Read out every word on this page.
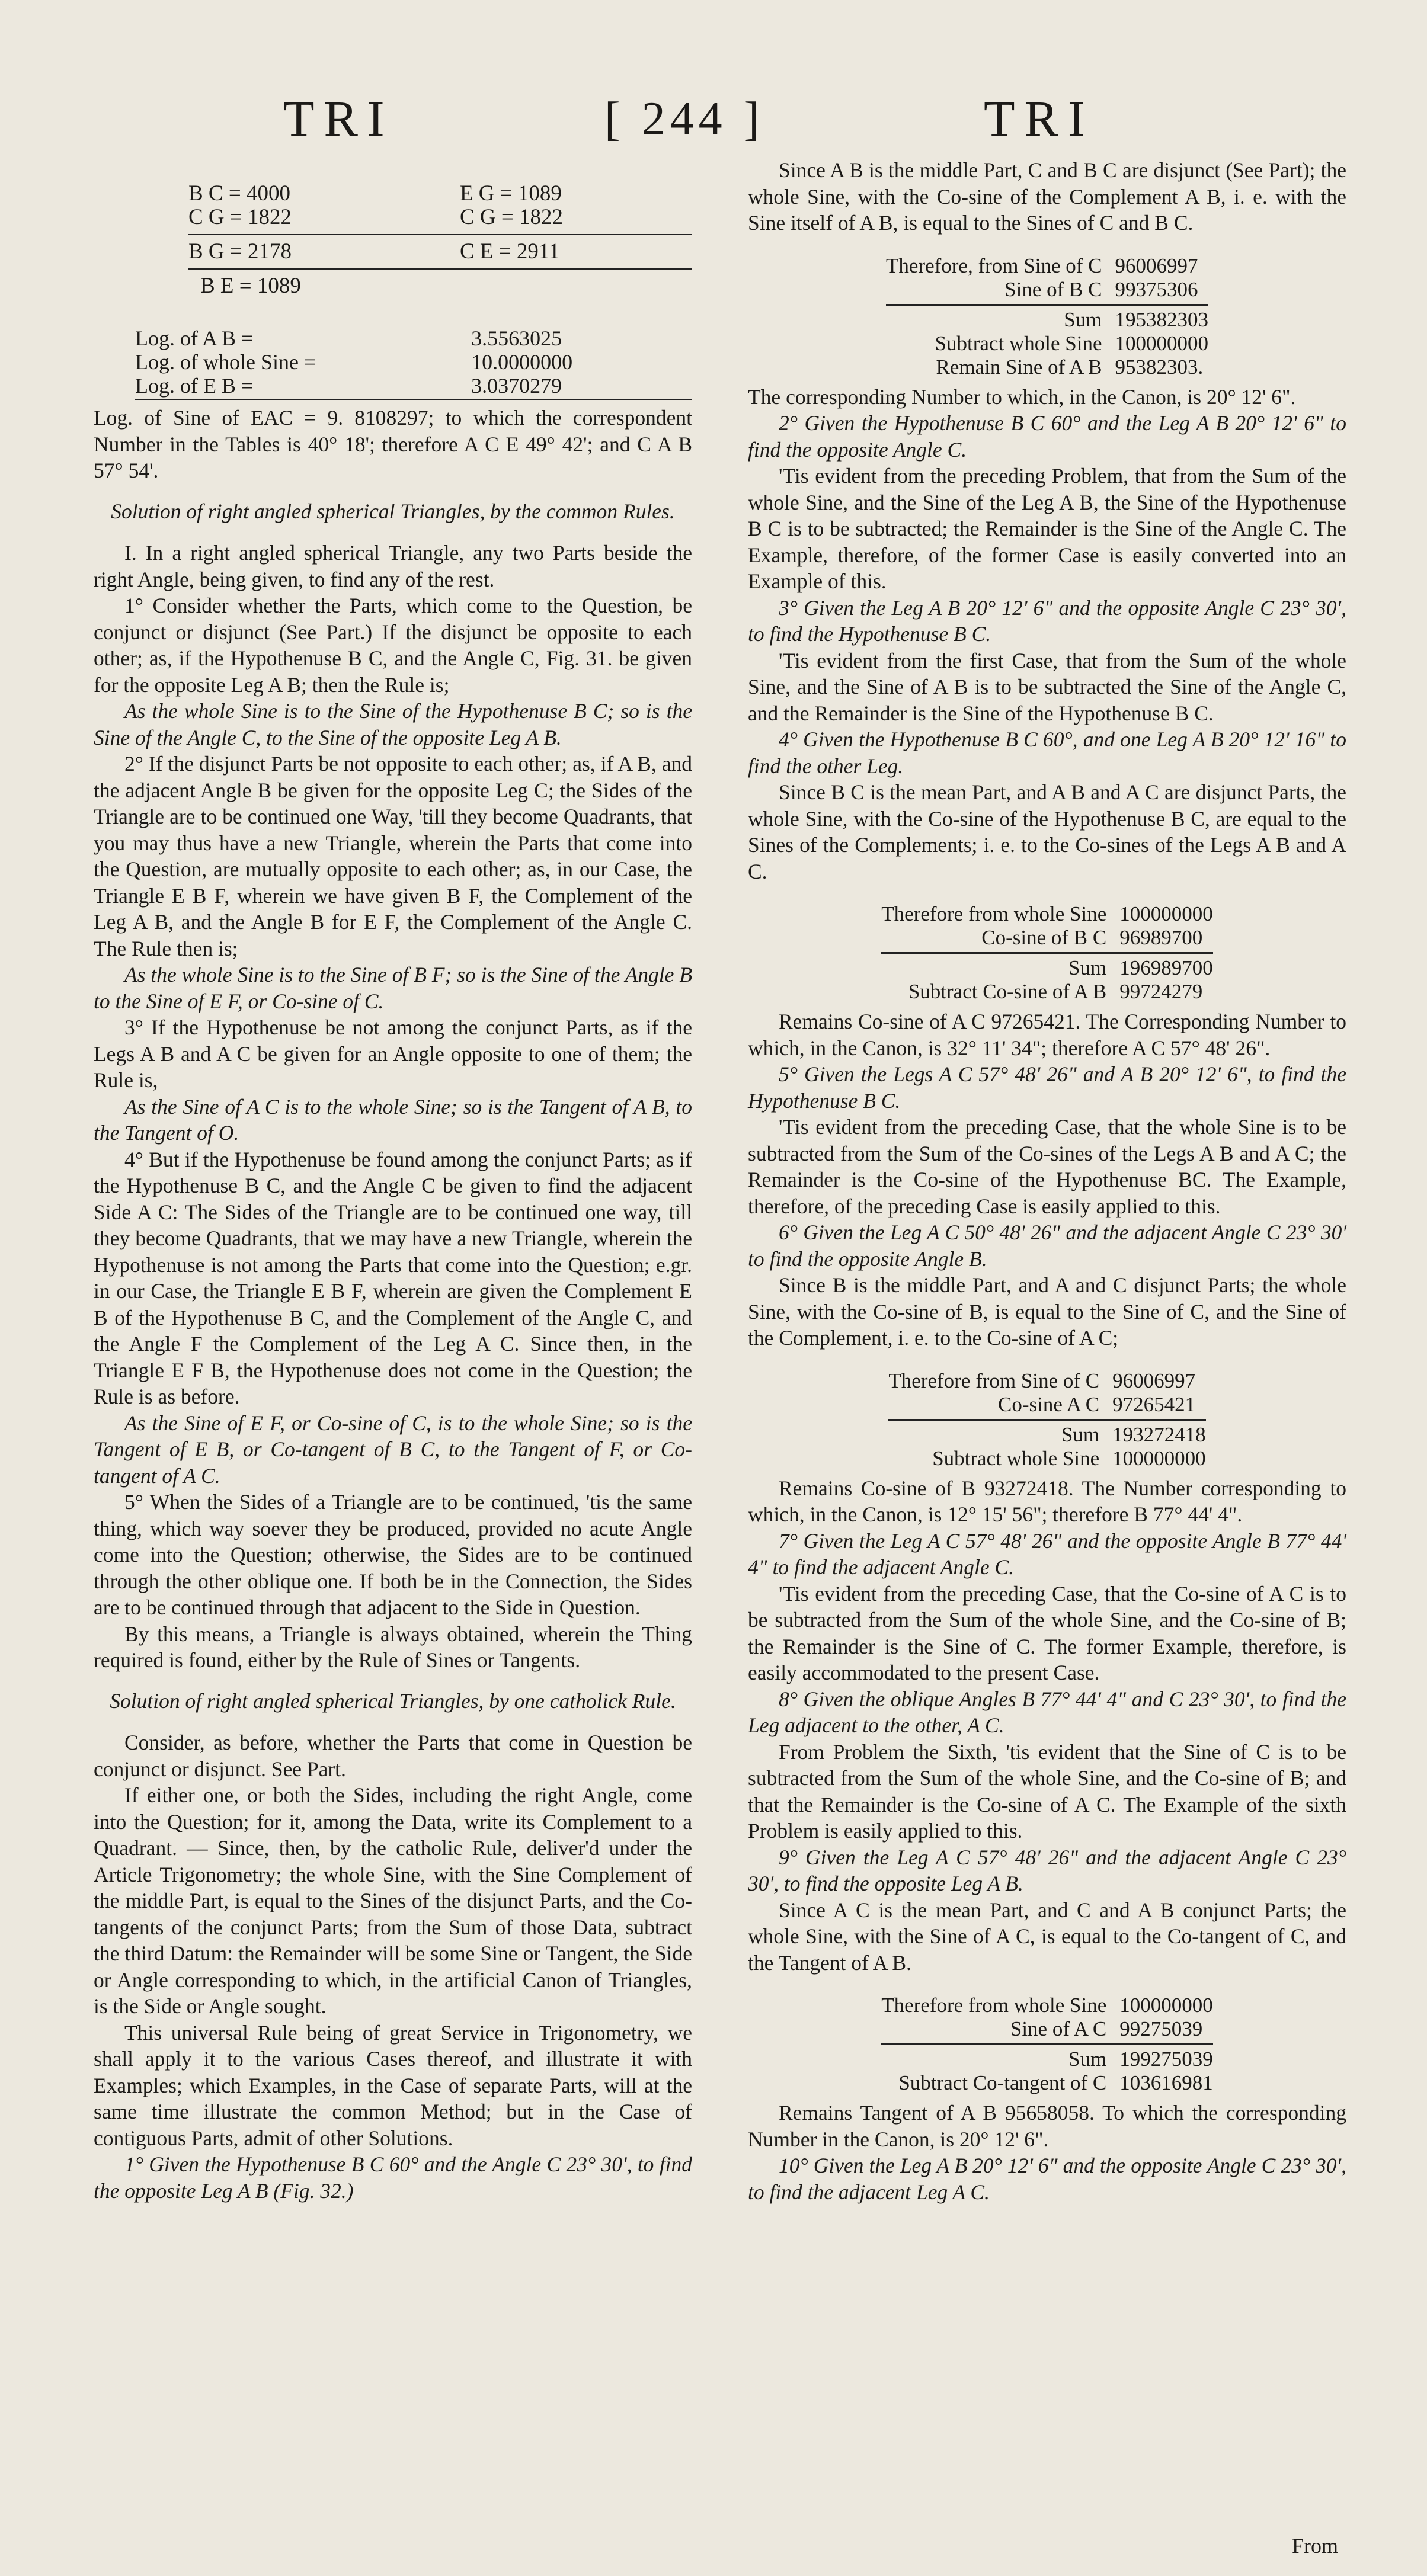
TRI	[ 244 ]	TRI
B C = 4000	E G = 1089
C G = 1822	C G = 1822
B G = 2178	C E = 2911
B E = 1089
Log. of A B =	3.5563025
Log. of whole Sine =	10.0000000
Log. of E B =	3.0370279

Log. of Sine of EAC = 9. 8108297; to which the correspondent Number in the Tables is 40° 18'; therefore A C E 49° 42'; and C A B 57° 54'.

Solution of right angled spherical Triangles, by the common Rules.

I. In a right angled spherical Triangle, any two Parts beside the right Angle, being given, to find any of the rest.

1° Consider whether the Parts, which come to the Question, be conjunct or disjunct (See Part.) If the disjunct be opposite to each other; as, if the Hypothenuse B C, and the Angle C, Fig. 31. be given for the opposite Leg A B; then the Rule is;

As the whole Sine is to the Sine of the Hypothenuse B C; so is the Sine of the Angle C, to the Sine of the opposite Leg A B.

2° If the disjunct Parts be not opposite to each other; as, if A B, and the adjacent Angle B be given for the opposite Leg C; the Sides of the Triangle are to be continued one Way, 'till they become Quadrants, that you may thus have a new Triangle, wherein the Parts that come into the Question, are mutually opposite to each other; as, in our Case, the Triangle E B F, wherein we have given B F, the Complement of the Leg A B, and the Angle B for E F, the Complement of the Angle C. The Rule then is;

As the whole Sine is to the Sine of B F; so is the Sine of the Angle B to the Sine of E F, or Co-sine of C.

3° If the Hypothenuse be not among the conjunct Parts, as if the Legs A B and A C be given for an Angle opposite to one of them; the Rule is,

As the Sine of A C is to the whole Sine; so is the Tangent of A B, to the Tangent of O.

4° But if the Hypothenuse be found among the conjunct Parts; as if the Hypothenuse B C, and the Angle C be given to find the adjacent Side A C: The Sides of the Triangle are to be continued one way, till they become Quadrants, that we may have a new Triangle, wherein the Hypothenuse is not among the Parts that come into the Question; e.gr. in our Case, the Triangle E B F, wherein are given the Complement E B of the Hypothenuse B C, and the Complement of the Angle C, and the Angle F the Complement of the Leg A C. Since then, in the Triangle E F B, the Hypothenuse does not come in the Question; the Rule is as before.

As the Sine of E F, or Co-sine of C, is to the whole Sine; so is the Tangent of E B, or Co-tangent of B C, to the Tangent of F, or Co-tangent of A C.

5° When the Sides of a Triangle are to be continued, 'tis the same thing, which way soever they be produced, provided no acute Angle come into the Question; otherwise, the Sides are to be continued through the other oblique one. If both be in the Connection, the Sides are to be continued through that adjacent to the Side in Question.

By this means, a Triangle is always obtained, wherein the Thing required is found, either by the Rule of Sines or Tangents.

Solution of right angled spherical Triangles, by one catholick Rule.

Consider, as before, whether the Parts that come in Question be conjunct or disjunct. See Part.

If either one, or both the Sides, including the right Angle, come into the Question; for it, among the Data, write its Complement to a Quadrant. — Since, then, by the catholic Rule, deliver'd under the Article Trigonometry; the whole Sine, with the Sine Complement of the middle Part, is equal to the Sines of the disjunct Parts, and the Co-tangents of the conjunct Parts; from the Sum of those Data, subtract the third Datum: the Remainder will be some Sine or Tangent, the Side or Angle corresponding to which, in the artificial Canon of Triangles, is the Side or Angle sought.

This universal Rule being of great Service in Trigonometry, we shall apply it to the various Cases thereof, and illustrate it with Examples; which Examples, in the Case of separate Parts, will at the same time illustrate the common Method; but in the Case of contiguous Parts, admit of other Solutions.

1° Given the Hypothenuse B C 60° and the Angle C 23° 30', to find the opposite Leg A B (Fig. 32.)

Since A B is the middle Part, C and B C are disjunct (See Part); the whole Sine, with the Co-sine of the Complement A B, i. e. with the Sine itself of A B, is equal to the Sines of C and B C.

Therefore, from Sine of C 96006997
Sine of B C 99375306
Sum 195382303
Subtract whole Sine 100000000
Remain Sine of A B 95382303.

The corresponding Number to which, in the Canon, is 20° 12' 6".

2° Given the Hypothenuse B C 60° and the Leg A B 20° 12' 6" to find the opposite Angle C.

'Tis evident from the preceding Problem, that from the Sum of the whole Sine, and the Sine of the Leg A B, the Sine of the Hypothenuse B C is to be subtracted; the Remainder is the Sine of the Angle C. The Example, therefore, of the former Case is easily converted into an Example of this.

3° Given the Leg A B 20° 12' 6" and the opposite Angle C 23° 30', to find the Hypothenuse B C.

'Tis evident from the first Case, that from the Sum of the whole Sine, and the Sine of A B is to be subtracted the Sine of the Angle C, and the Remainder is the Sine of the Hypothenuse B C.

4° Given the Hypothenuse B C 60°, and one Leg A B 20° 12' 16" to find the other Leg.

Since B C is the mean Part, and A B and A C are disjunct Parts, the whole Sine, with the Co-sine of the Hypothenuse B C, are equal to the Sines of the Complements; i. e. to the Co-sines of the Legs A B and A C.

Therefore from whole Sine 100000000
Co-sine of B C 96989700
Sum 196989700
Subtract Co-sine of A B 99724279

Remains Co-sine of A C 97265421. The Corresponding Number to which, in the Canon, is 32° 11' 34"; therefore A C 57° 48' 26".

5° Given the Legs A C 57° 48' 26" and A B 20° 12' 6", to find the Hypothenuse B C.

'Tis evident from the preceding Case, that the whole Sine is to be subtracted from the Sum of the Co-sines of the Legs A B and A C; the Remainder is the Co-sine of the Hypothenuse BC. The Example, therefore, of the preceding Case is easily applied to this.

6° Given the Leg A C 50° 48' 26" and the adjacent Angle C 23° 30' to find the opposite Angle B.

Since B is the middle Part, and A and C disjunct Parts; the whole Sine, with the Co-sine of B, is equal to the Sine of C, and the Sine of the Complement, i. e. to the Co-sine of A C;

Therefore from Sine of C 96006997
Co-sine A C 97265421
Sum 193272418
Subtract whole Sine 100000000

Remains Co-sine of B 93272418. The Number corresponding to which, in the Canon, is 12° 15' 56"; therefore B 77° 44' 4".

7° Given the Leg A C 57° 48' 26" and the opposite Angle B 77° 44' 4" to find the adjacent Angle C.

'Tis evident from the preceding Case, that the Co-sine of A C is to be subtracted from the Sum of the whole Sine, and the Co-sine of B; the Remainder is the Sine of C. The former Example, therefore, is easily accommodated to the present Case.

8° Given the oblique Angles B 77° 44' 4" and C 23° 30', to find the Leg adjacent to the other, A C.

From Problem the Sixth, 'tis evident that the Sine of C is to be subtracted from the Sum of the whole Sine, and the Co-sine of B; and that the Remainder is the Co-sine of A C. The Example of the sixth Problem is easily applied to this.

9° Given the Leg A C 57° 48' 26" and the adjacent Angle C 23° 30', to find the opposite Leg A B.

Since A C is the mean Part, and C and A B conjunct Parts; the whole Sine, with the Sine of A C, is equal to the Co-tangent of C, and the Tangent of A B.

Therefore from whole Sine 100000000
Sine of A C 99275039
Sum 199275039
Subtract Co-tangent of C 103616981

Remains Tangent of A B 95658058. To which the corresponding Number in the Canon, is 20° 12' 6".

10° Given the Leg A B 20° 12' 6" and the opposite Angle C 23° 30', to find the adjacent Leg A C.

From
